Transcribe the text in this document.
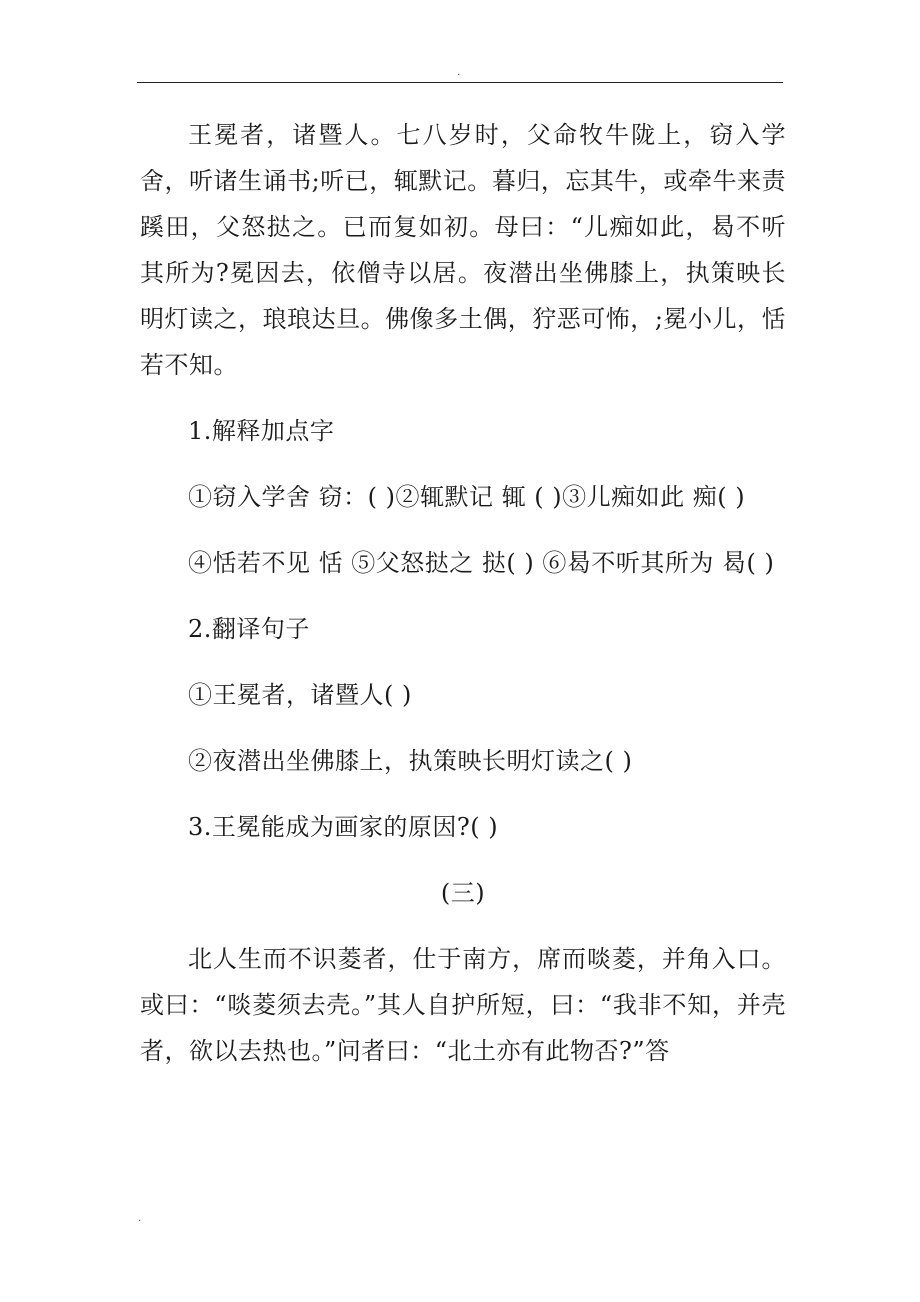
.

王冕者，诸暨人。七八岁时，父命牧牛陇上，窃入学舍，听诸生诵书;听已，辄默记。暮归，忘其牛，或牵牛来责蹊田，父怒挞之。已而复如初。母曰：“儿痴如此，曷不听其所为?冕因去，依僧寺以居。夜潜出坐佛膝上，执策映长明灯读之，琅琅达旦。佛像多土偶，狞恶可怖，;冕小儿，恬若不知。

1.解释加点字

①窃入学舍 窃：( )②辄默记 辄 ( )③儿痴如此 痴( )

④恬若不见 恬 ⑤父怒挞之 挞( ) ⑥曷不听其所为 曷( )

2.翻译句子

①王冕者，诸暨人( )

②夜潜出坐佛膝上，执策映长明灯读之( )

3.王冕能成为画家的原因?( )

(三)

北人生而不识菱者，仕于南方，席而啖菱，并角入口。或曰：“啖菱须去壳。”其人自护所短，曰：“我非不知，并壳者，欲以去热也。”问者曰：“北土亦有此物否?”答

.
